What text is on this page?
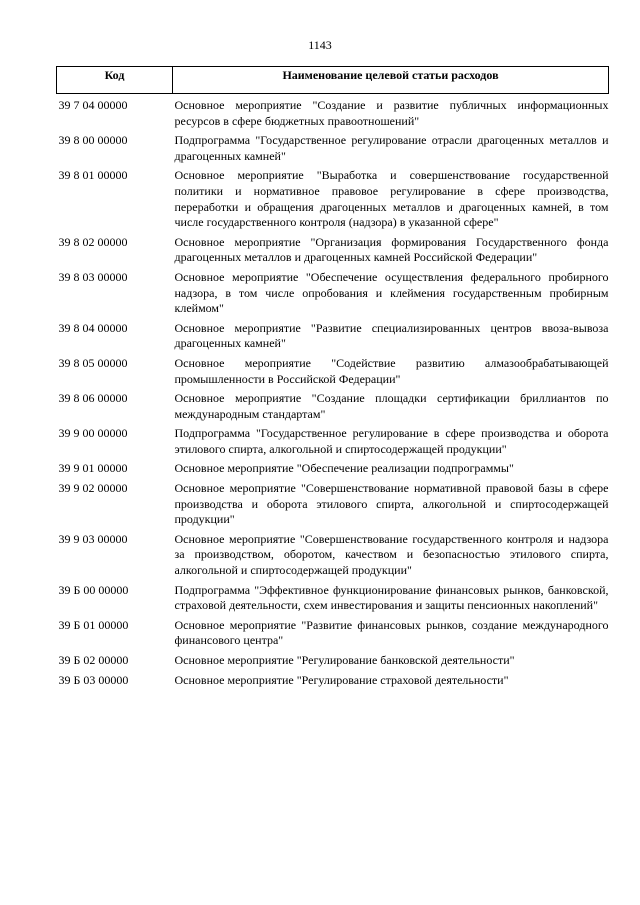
1143
Код	Наименование целевой статьи расходов
39 7 04 00000	Основное мероприятие "Создание и развитие публичных информационных ресурсов в сфере бюджетных правоотношений"
39 8 00 00000	Подпрограмма "Государственное регулирование отрасли драгоценных металлов и драгоценных камней"
39 8 01 00000	Основное мероприятие "Выработка и совершенствование государственной политики и нормативное правовое регулирование в сфере производства, переработки и обращения драгоценных металлов и драгоценных камней, в том числе государственного контроля (надзора) в указанной сфере"
39 8 02 00000	Основное мероприятие "Организация формирования Государственного фонда драгоценных металлов и драгоценных камней Российской Федерации"
39 8 03 00000	Основное мероприятие "Обеспечение осуществления федерального пробирного надзора, в том числе опробования и клеймения государственным пробирным клеймом"
39 8 04 00000	Основное мероприятие "Развитие специализированных центров ввоза-вывоза драгоценных камней"
39 8 05 00000	Основное мероприятие "Содействие развитию алмазообрабатывающей промышленности в Российской Федерации"
39 8 06 00000	Основное мероприятие "Создание площадки сертификации бриллиантов по международным стандартам"
39 9 00 00000	Подпрограмма "Государственное регулирование в сфере производства и оборота этилового спирта, алкогольной и спиртосодержащей продукции"
39 9 01 00000	Основное мероприятие "Обеспечение реализации подпрограммы"
39 9 02 00000	Основное мероприятие "Совершенствование нормативной правовой базы в сфере производства и оборота этилового спирта, алкогольной и спиртосодержащей продукции"
39 9 03 00000	Основное мероприятие "Совершенствование государственного контроля и надзора за производством, оборотом, качеством и безопасностью этилового спирта, алкогольной и спиртосодержащей продукции"
39 Б 00 00000	Подпрограмма "Эффективное функционирование финансовых рынков, банковской, страховой деятельности, схем инвестирования и защиты пенсионных накоплений"
39 Б 01 00000	Основное мероприятие "Развитие финансовых рынков, создание международного финансового центра"
39 Б 02 00000	Основное мероприятие "Регулирование банковской деятельности"
39 Б 03 00000	Основное мероприятие "Регулирование страховой деятельности"
